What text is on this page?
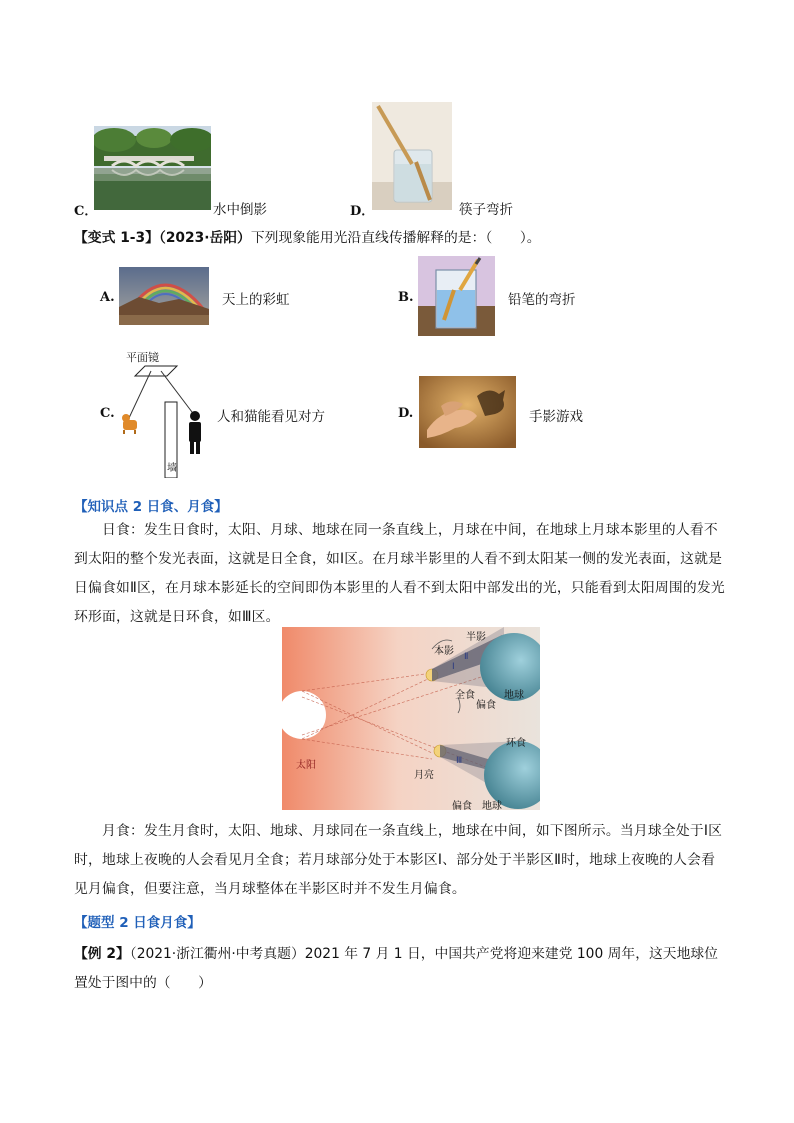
C．	水中倒影	D．	筷子弯折
【变式 1-3】（2023·岳阳）下列现象能用光沿直线传播解释的是：（　　）。
A.	天上的彩虹	B.	铅笔的弯折
C.
平面镜
墙
人和猫能看见对方	D.	手影游戏
【知识点 2 日食、月食】
日食：发生日食时，太阳、月球、地球在同一条直线上，月球在中间，在地球上月球本影里的人看不到太阳的整个发光表面，这就是日全食，如Ⅰ区。在月球半影里的人看不到太阳某一侧的发光表面，这就是日偏食如Ⅱ区，在月球本影延长的空间即伪本影里的人看不到太阳中部发出的光，只能看到太阳周围的发光环形面，这就是日环食，如Ⅲ区。
半影
本影
Ⅰ
Ⅱ
全食	地球
偏食
太阳
环食
Ⅲ
月亮
偏食 地球
月食：发生月食时，太阳、地球、月球同在一条直线上，地球在中间，如下图所示。当月球全处于Ⅰ区时，地球上夜晚的人会看见月全食；若月球部分处于本影区Ⅰ、部分处于半影区Ⅱ时，地球上夜晚的人会看见月偏食，但要注意，当月球整体在半影区时并不发生月偏食。
【题型 2 日食月食】
【例 2】（2021·浙江衢州·中考真题）2021 年 7 月 1 日，中国共产党将迎来建党 100 周年，这天地球位置处于图中的（　　）
